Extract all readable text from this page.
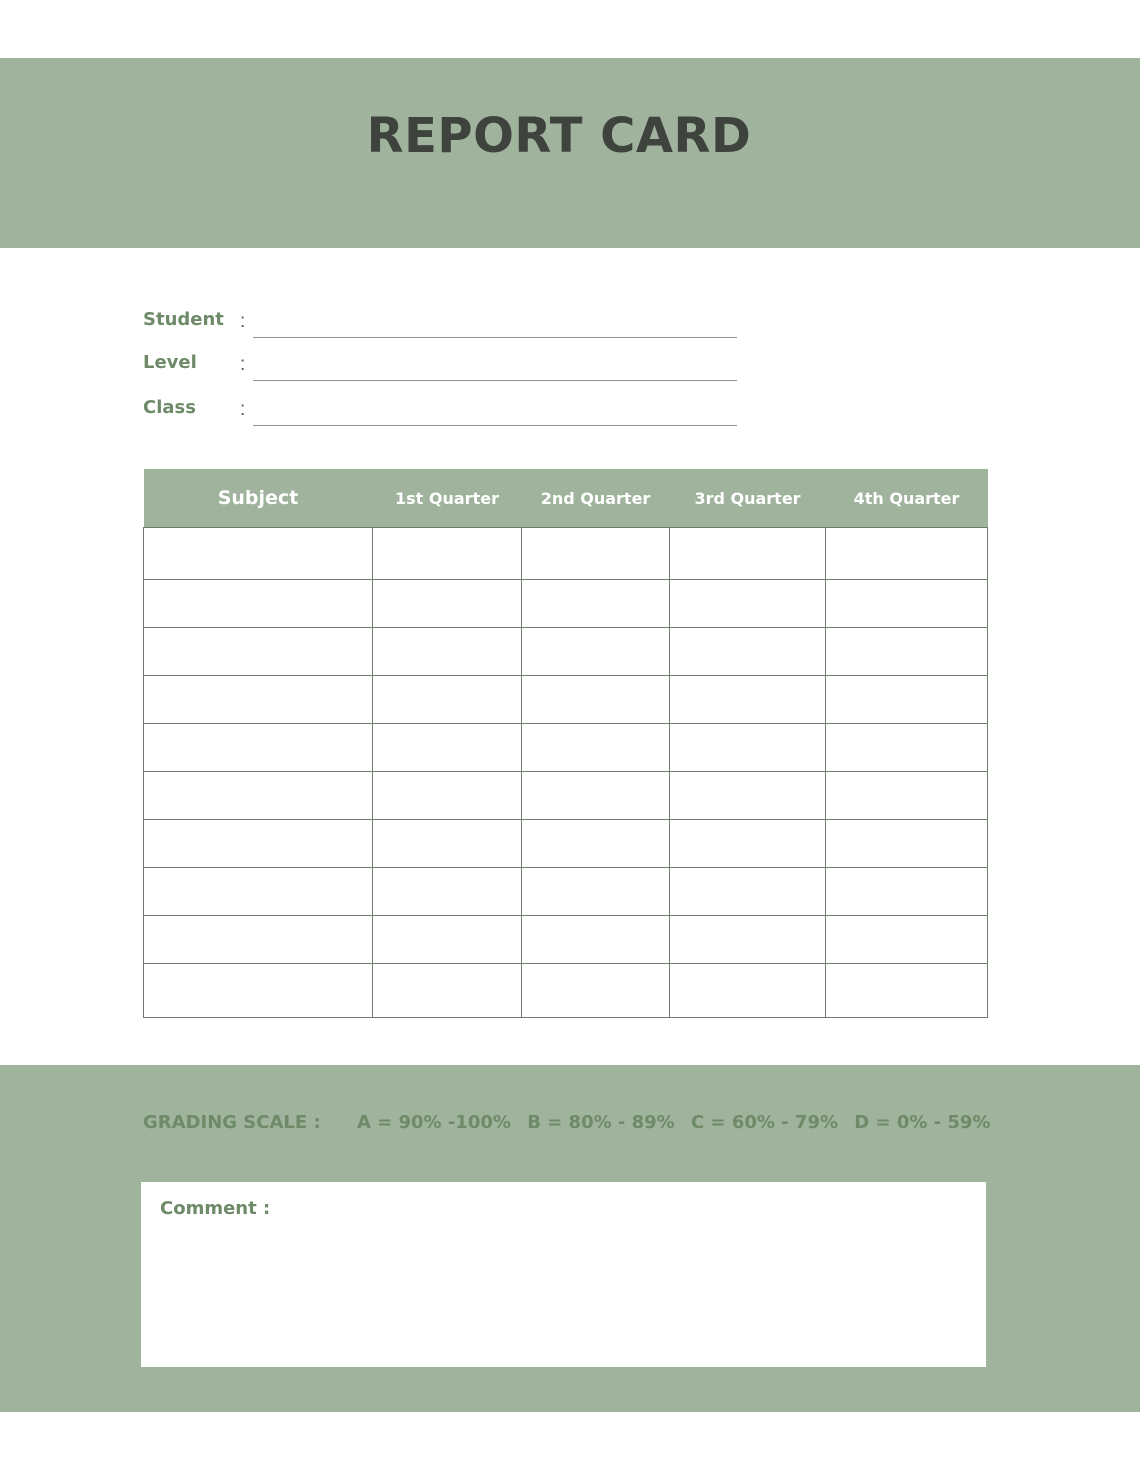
REPORT CARD
Student :
Level :
Class :
Subject	1st Quarter	2nd Quarter	3rd Quarter	4th Quarter

GRADING SCALE : A = 90% -100% B = 80% - 89% C = 60% - 79% D = 0% - 59%
Comment :
